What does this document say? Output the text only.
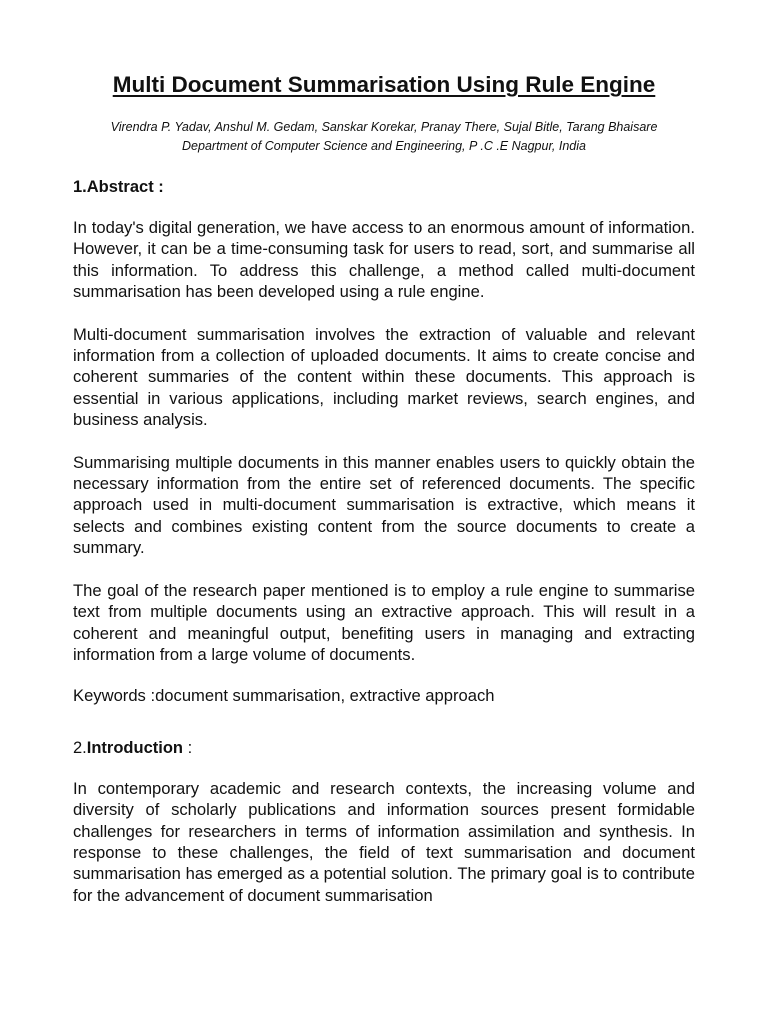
Multi Document Summarisation Using Rule Engine
Virendra P. Yadav, Anshul M. Gedam, Sanskar Korekar, Pranay There, Sujal Bitle, Tarang Bhaisare
Department of Computer Science and Engineering, P .C .E Nagpur, India
1.Abstract :

In today's digital generation, we have access to an enormous amount of information. However, it can be a time-consuming task for users to read, sort, and summarise all this information. To address this challenge, a method called multi-document summarisation has been developed using a rule engine.

Multi-document summarisation involves the extraction of valuable and relevant information from a collection of uploaded documents. It aims to create concise and coherent summaries of the content within these documents. This approach is essential in various applications, including market reviews, search engines, and business analysis.

Summarising multiple documents in this manner enables users to quickly obtain the necessary information from the entire set of referenced documents. The specific approach used in multi-document summarisation is extractive, which means it selects and combines existing content from the source documents to create a summary.

The goal of the research paper mentioned is to employ a rule engine to summarise text from multiple documents using an extractive approach. This will result in a coherent and meaningful output, benefiting users in managing and extracting information from a large volume of documents.

Keywords :document summarisation, extractive approach
2.Introduction :

In contemporary academic and research contexts, the increasing volume and diversity of scholarly publications and information sources present formidable challenges for researchers in terms of information assimilation and synthesis. In response to these challenges, the field of text summarisation and document summarisation has emerged as a potential solution. The primary goal is to contribute for the advancement of document summarisation
